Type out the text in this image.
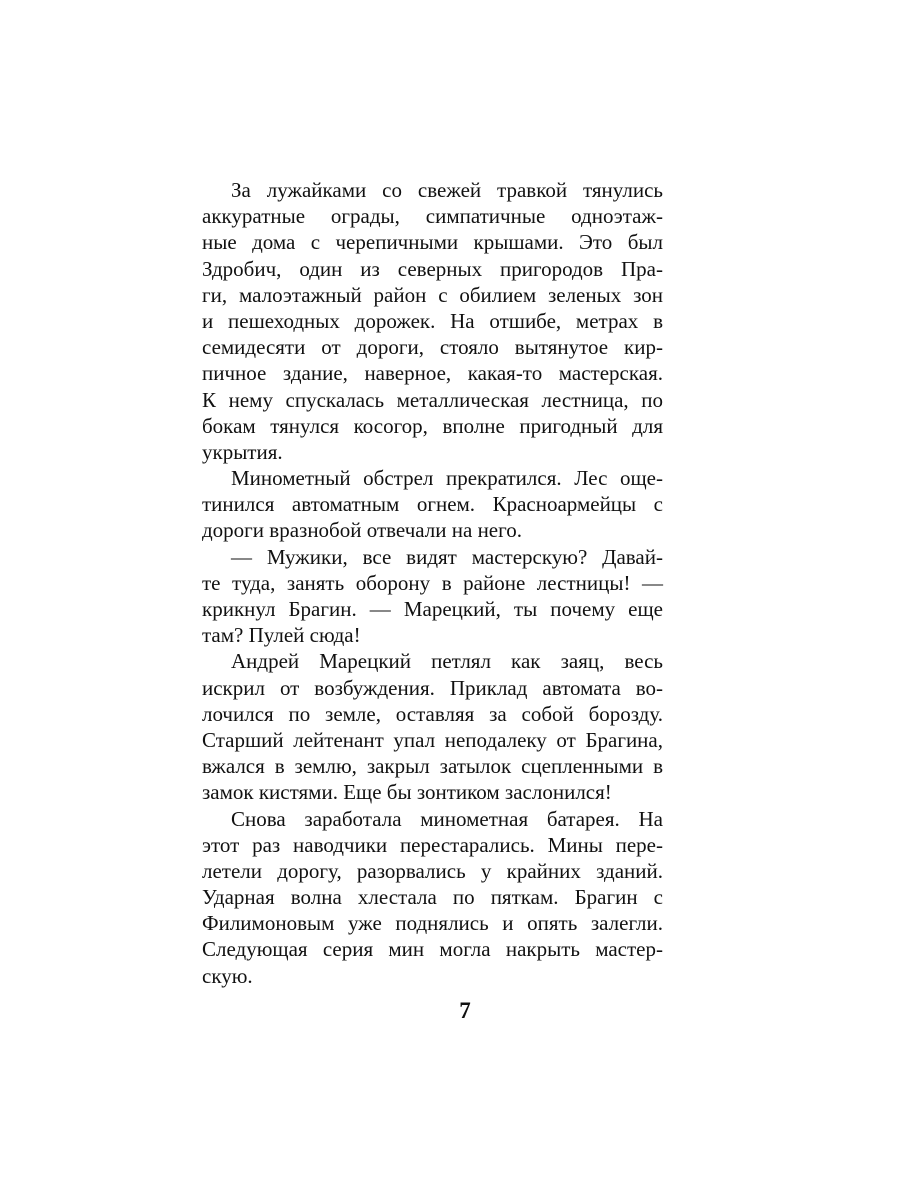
За лужайками со свежей травкой тянулись
аккуратные ограды, симпатичные одноэтаж-
ные дома с черепичными крышами. Это был
Здробич, один из северных пригородов Пра-
ги, малоэтажный район с обилием зеленых зон
и пешеходных дорожек. На отшибе, метрах в
семидесяти от дороги, стояло вытянутое кир-
пичное здание, наверное, какая-то мастерская.
К нему спускалась металлическая лестница, по
бокам тянулся косогор, вполне пригодный для
укрытия.
Минометный обстрел прекратился. Лес още-
тинился автоматным огнем. Красноармейцы с
дороги вразнобой отвечали на него.
— Мужики, все видят мастерскую? Давай-
те туда, занять оборону в районе лестницы! —
крикнул Брагин. — Марецкий, ты почему еще
там? Пулей сюда!
Андрей Марецкий петлял как заяц, весь
искрил от возбуждения. Приклад автомата во-
лочился по земле, оставляя за собой борозду.
Старший лейтенант упал неподалеку от Брагина,
вжался в землю, закрыл затылок сцепленными в
замок кистями. Еще бы зонтиком заслонился!
Снова заработала минометная батарея. На
этот раз наводчики перестарались. Мины пере-
летели дорогу, разорвались у крайних зданий.
Ударная волна хлестала по пяткам. Брагин с
Филимоновым уже поднялись и опять залегли.
Следующая серия мин могла накрыть мастер-
скую.
7
